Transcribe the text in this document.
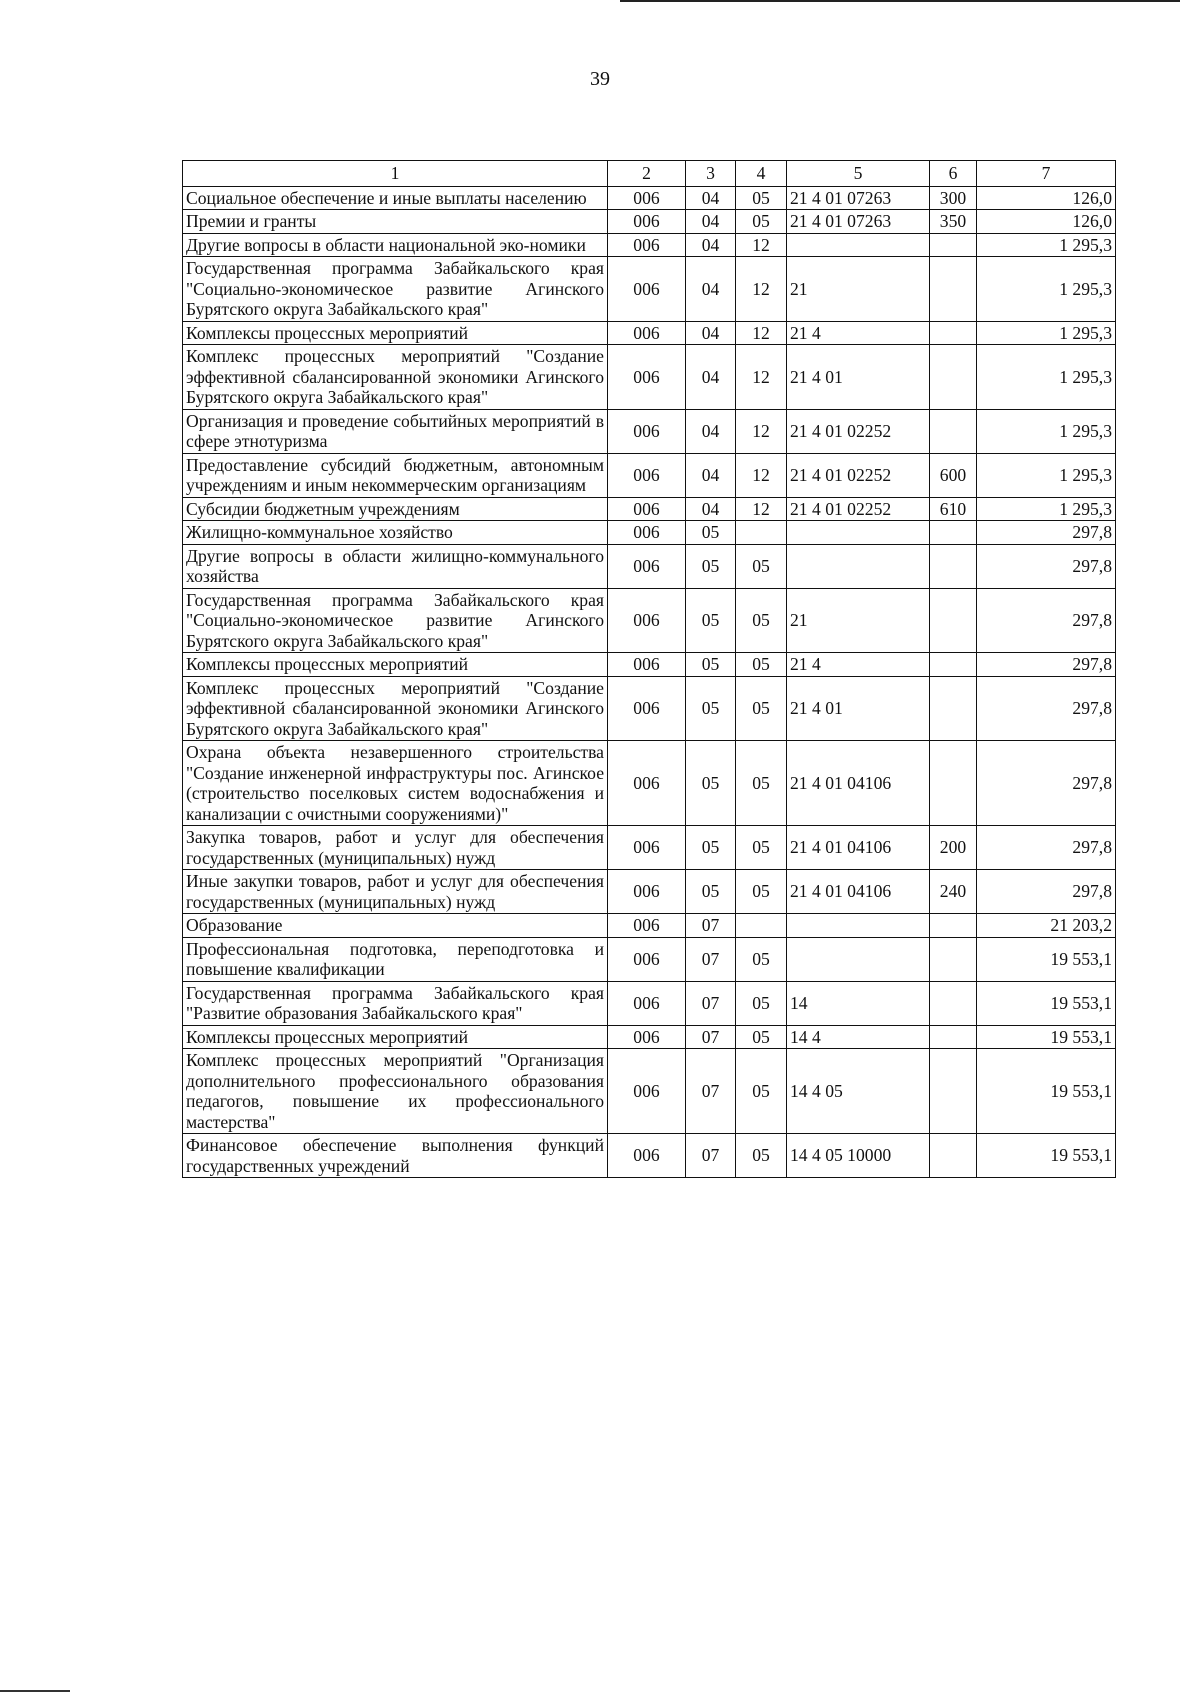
39
1	2	3	4	5	6	7
Социальное обеспечение и иные выплаты населению	006	04	05	21 4 01 07263	300	126,0
Премии и гранты	006	04	05	21 4 01 07263	350	126,0
Другие вопросы в области национальной эко-номики	006	04	12			1 295,3
Государственная программа Забайкальского края "Социально-экономическое развитие Агинского Бурятского округа Забайкальского края"	006	04	12	21		1 295,3
Комплексы процессных мероприятий	006	04	12	21 4		1 295,3
Комплекс процессных мероприятий "Создание эффективной сбалансированной экономики Агинского Бурятского округа Забайкальского края"	006	04	12	21 4 01		1 295,3
Организация и проведение событийных мероприятий в сфере этнотуризма	006	04	12	21 4 01 02252		1 295,3
Предоставление субсидий бюджетным, автономным учреждениям и иным некоммерческим организациям	006	04	12	21 4 01 02252	600	1 295,3
Субсидии бюджетным учреждениям	006	04	12	21 4 01 02252	610	1 295,3
Жилищно-коммунальное хозяйство	006	05				297,8
Другие вопросы в области жилищно-коммунального хозяйства	006	05	05			297,8
Государственная программа Забайкальского края "Социально-экономическое развитие Агинского Бурятского округа Забайкальского края"	006	05	05	21		297,8
Комплексы процессных мероприятий	006	05	05	21 4		297,8
Комплекс процессных мероприятий "Создание эффективной сбалансированной экономики Агинского Бурятского округа Забайкальского края"	006	05	05	21 4 01		297,8
Охрана объекта незавершенного строительства "Создание инженерной инфраструктуры пос. Агинское (строительство поселковых систем водоснабжения и канализации с очистными сооружениями)"	006	05	05	21 4 01 04106		297,8
Закупка товаров, работ и услуг для обеспечения государственных (муниципальных) нужд	006	05	05	21 4 01 04106	200	297,8
Иные закупки товаров, работ и услуг для обеспечения государственных (муниципальных) нужд	006	05	05	21 4 01 04106	240	297,8
Образование	006	07				21 203,2
Профессиональная подготовка, переподготовка и повышение квалификации	006	07	05			19 553,1
Государственная программа Забайкальского края "Развитие образования Забайкальского края"	006	07	05	14		19 553,1
Комплексы процессных мероприятий	006	07	05	14 4		19 553,1
Комплекс процессных мероприятий "Организация дополнительного профессионального образования педагогов, повышение их профессионального мастерства"	006	07	05	14 4 05		19 553,1
Финансовое обеспечение выполнения функций государственных учреждений	006	07	05	14 4 05 10000		19 553,1
